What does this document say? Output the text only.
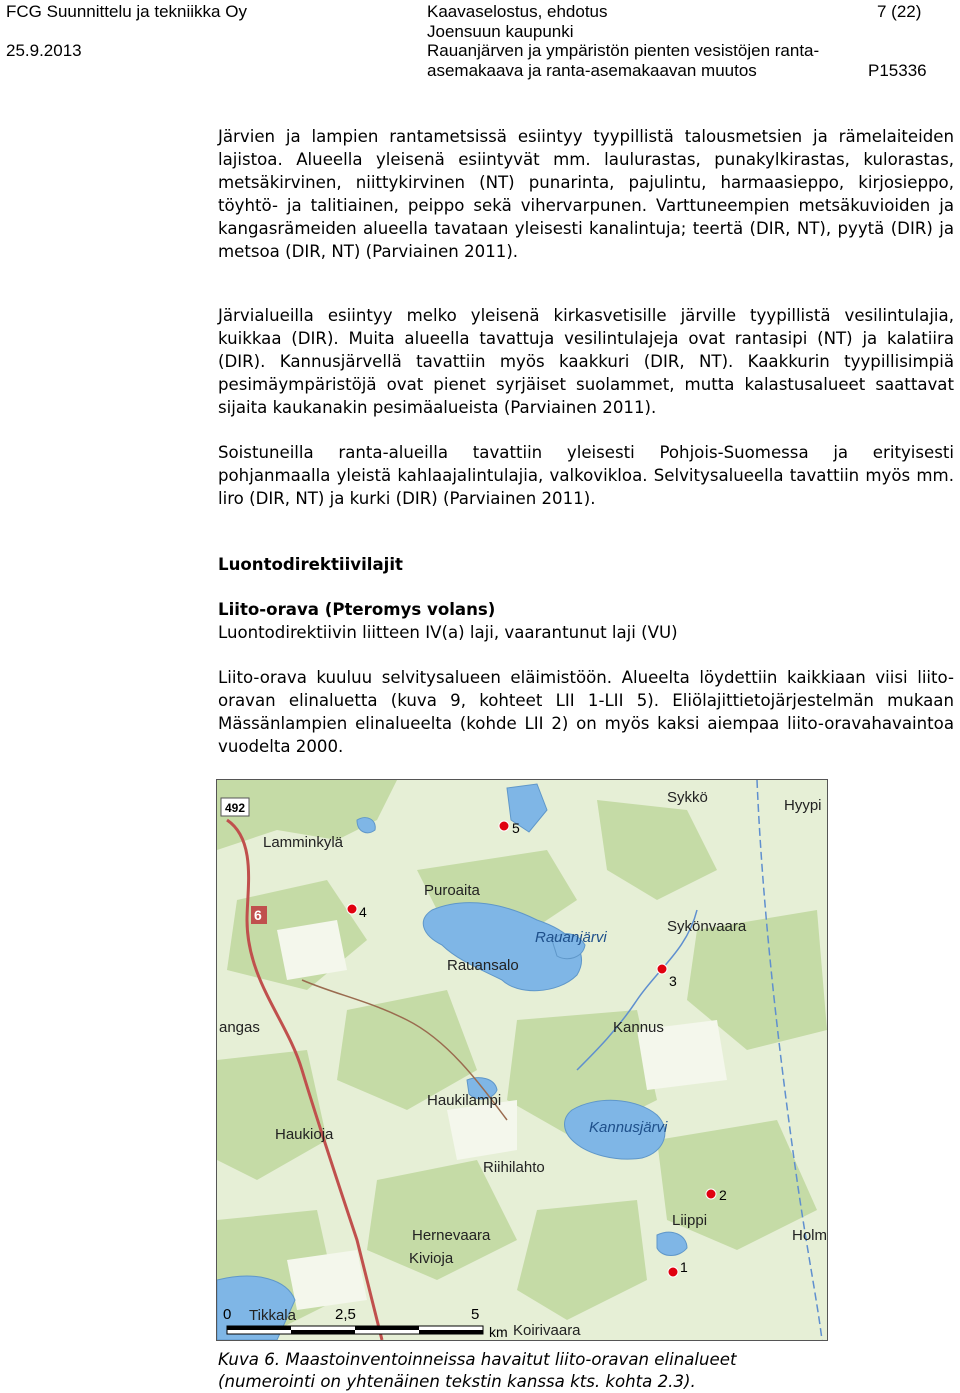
FCG Suunnittelu ja tekniikka Oy
25.9.2013
Kaavaselostus, ehdotus
Joensuun kaupunki
Rauanjärven ja ympäristön pienten vesistöjen ranta-
asemakaava ja ranta-asemakaavan muutos
7 (22)
P15336

Järvien ja lampien rantametsissä esiintyy tyypillistä talousmetsien ja rämelaiteiden lajistoa. Alueella yleisenä esiintyvät mm. laulurastas, punakylkirastas, kulorastas, metsäkirvinen, niittykirvinen (NT) punarinta, pajulintu, harmaasieppo, kirjosieppo, töyhtö- ja talitiainen, peippo sekä vihervarpunen. Varttuneempien metsäkuvioiden ja kangasrämeiden alueella tavataan yleisesti kanalintuja; teertä (DIR, NT), pyytä (DIR) ja metsoa (DIR, NT) (Parviainen 2011).

Järvialueilla esiintyy melko yleisenä kirkasvetisille järville tyypillistä vesilintulajia, kuikkaa (DIR). Muita alueella tavattuja vesilintulajeja ovat rantasipi (NT) ja kalatiira (DIR). Kannusjärvellä tavattiin myös kaakkuri (DIR, NT). Kaakkurin tyypillisimpiä pesimäympäristöjä ovat pienet syrjäiset suolammet, mutta kalastusalueet saattavat sijaita kaukanakin pesimäalueista (Parviainen 2011).

Soistuneilla ranta-alueilla tavattiin yleisesti Pohjois-Suomessa ja erityisesti pohjanmaalla yleistä kahlaajalintulajia, valkovikloa. Selvitysalueella tavattiin myös mm. liro (DIR, NT) ja kurki (DIR) (Parviainen 2011).

Luontodirektiivilajit

Liito-orava (Pteromys volans)

Luontodirektiivin liitteen IV(a) laji, vaarantunut laji (VU)

Liito-orava kuuluu selvitysalueen eläimistöön. Alueelta löydettiin kaikkiaan viisi liito-oravan elinaluetta (kuva 9, kohteet LII 1-LII 5). Eliölajittietojärjestelmän mukaan Mässänlampien elinalueelta (kohde LII 2) on myös kaksi aiempaa liito-oravahavaintoa vuodelta 2000.

492
6
Lamminkylä
Sykkö	Hyypi
Puroaita
Sykönvaara
Rauansalo
angas	Kannus
Haukilampi
Haukioja
Riihilahto
Hernevaara
Kivioja
Liippi
Holm
Tikkala
Koirivaara
Rauanjärvi
Kannusjärvi
1
2
3
4
5
0	2,5	5
km
Kuva 6. Maastoinventoinneissa havaitut liito-oravan elinalueet
(numerointi on yhtenäinen tekstin kanssa kts. kohta 2.3).
